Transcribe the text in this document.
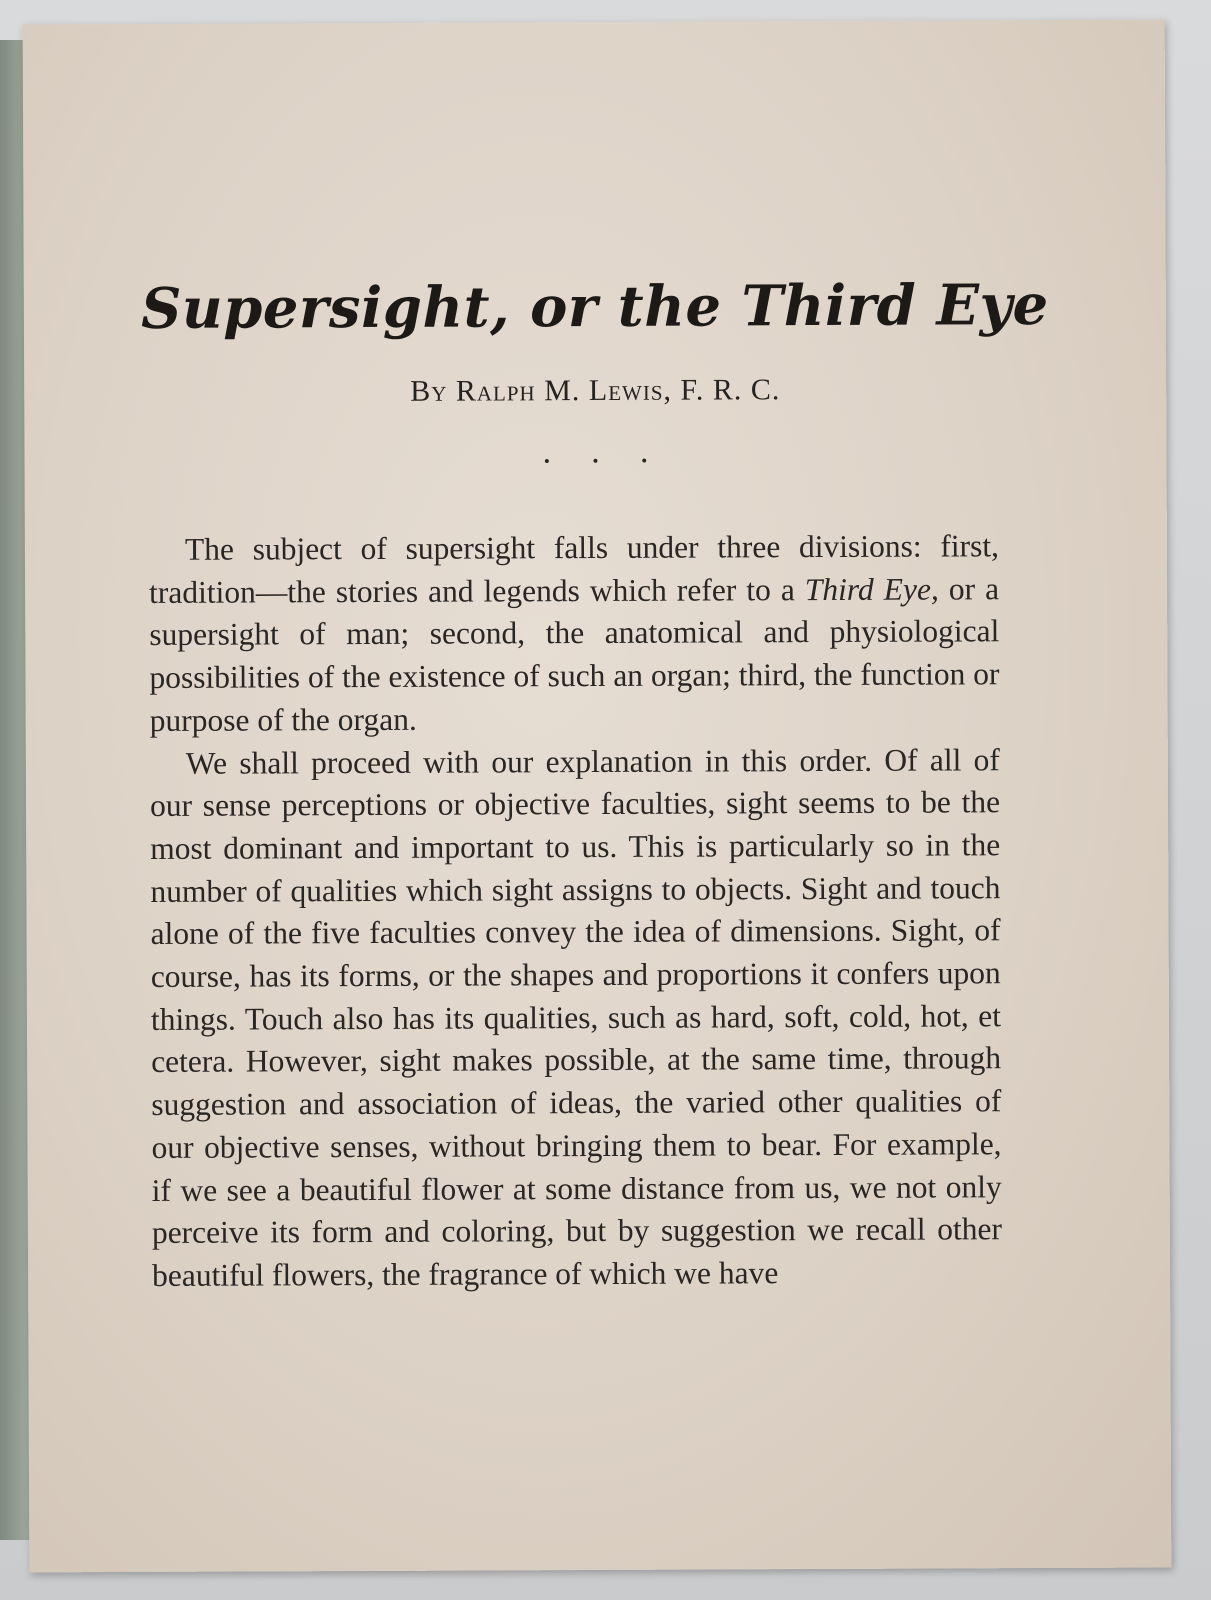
Supersight, or the Third Eye
By Ralph M. Lewis, F. R. C.
•	•	•

The subject of supersight falls under three divisions: first, tradition—the stories and legends which refer to a Third Eye, or a supersight of man; second, the anatomical and physiological possibilities of the existence of such an organ; third, the function or purpose of the organ.

We shall proceed with our explanation in this order. Of all of our sense perceptions or objective faculties, sight seems to be the most dominant and important to us. This is particularly so in the number of qualities which sight assigns to objects. Sight and touch alone of the five faculties convey the idea of dimensions. Sight, of course, has its forms, or the shapes and proportions it confers upon things. Touch also has its qualities, such as hard, soft, cold, hot, et cetera. However, sight makes possible, at the same time, through suggestion and association of ideas, the varied other qualities of our objective senses, without bringing them to bear. For example, if we see a beautiful flower at some distance from us, we not only perceive its form and coloring, but by suggestion we recall other beautiful flowers, the fragrance of which we have
